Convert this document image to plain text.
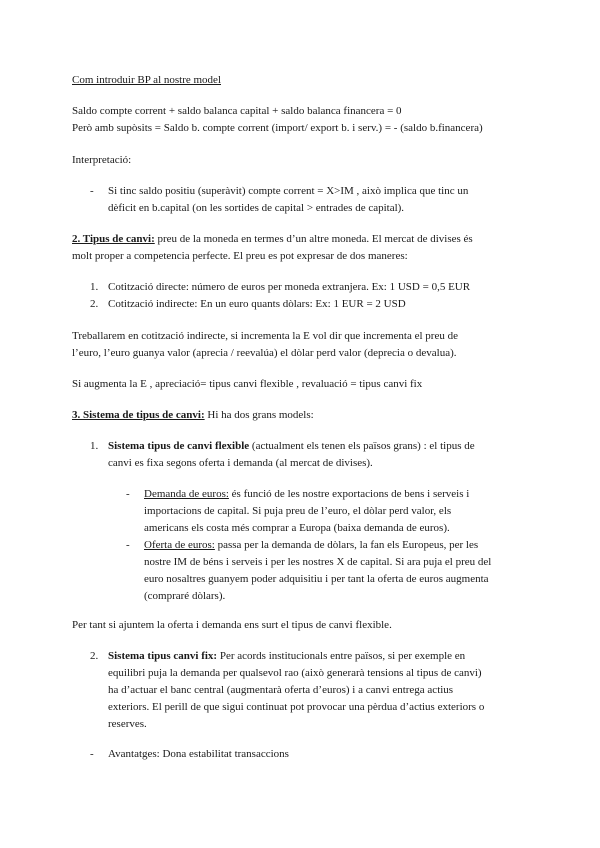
Com introduir BP al nostre model
Saldo compte corrent + saldo balanca capital + saldo balanca financera = 0
Però amb supòsits = Saldo b. compte corrent (import/ export b. i serv.) = - (saldo b.financera)
Interpretació:
- Si tinc saldo positiu (superàvit) compte corrent = X>IM , això implica que tinc un
dèficit en b.capital (on les sortides de capital > entrades de capital).
2. Tipus de canvi: preu de la moneda en termes d’un altre moneda. El mercat de divises és
molt proper a competencia perfecte. El preu es pot expresar de dos maneres:
1. Cotització directe: número de euros per moneda extranjera. Ex: 1 USD = 0,5 EUR
2. Cotització indirecte: En un euro quants dòlars: Ex: 1 EUR = 2 USD
Treballarem en cotització indirecte, si incrementa la E vol dir que incrementa el preu de
l’euro, l’euro guanya valor (aprecia / reevalúa) el dòlar perd valor (deprecia o devalua).
Si augmenta la E , apreciació= tipus canvi flexible , revaluació = tipus canvi fix
3. Sistema de tipus de canvi: Hi ha dos grans models:
1. Sistema tipus de canvi flexible (actualment els tenen els països grans) : el tipus de
canvi es fixa segons oferta i demanda (al mercat de divises).
- Demanda de euros: és funció de les nostre exportacions de bens i serveis i
importacions de capital. Si puja preu de l’euro, el dòlar perd valor, els
americans els costa més comprar a Europa (baixa demanda de euros).
- Oferta de euros: passa per la demanda de dòlars, la fan els Europeus, per les
nostre IM de béns i serveis i per les nostres X de capital. Si ara puja el preu del
euro nosaltres guanyem poder adquisitiu i per tant la oferta de euros augmenta
(compraré dòlars).
Per tant si ajuntem la oferta i demanda ens surt el tipus de canvi flexible.
2. Sistema tipus canvi fix: Per acords institucionals entre països, si per exemple en
equilibri puja la demanda per qualsevol rao (això generarà tensions al tipus de canvi)
ha d’actuar el banc central (augmentarà oferta d’euros) i a canvi entrega actius
exteriors. El perill de que sigui continuat pot provocar una pèrdua d’actius exteriors o
reserves.
- Avantatges: Dona estabilitat transaccions
